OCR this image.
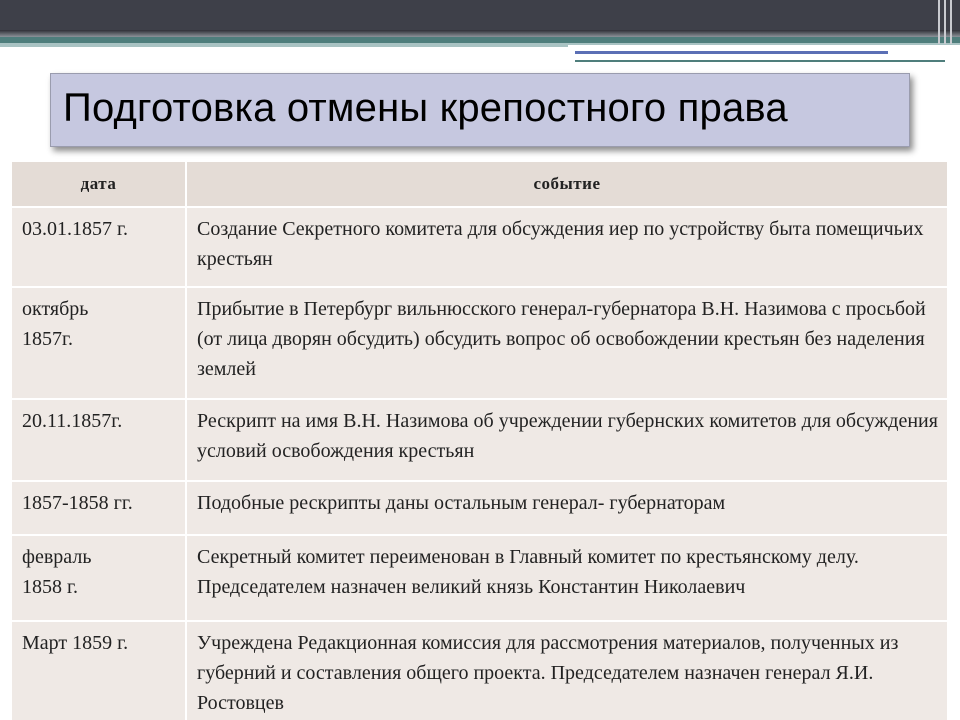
Подготовка отмены крепостного права
дата	событие
03.01.1857 г.	Создание Секретного комитета для обсуждения иер по устройству быта помещичьих крестьян
октябрь
1857г.	Прибытие в Петербург вильнюсского генерал-губернатора В.Н. Назимова с просьбой (от лица дворян обсудить) обсудить вопрос об освобождении крестьян без наделения землей
20.11.1857г.	Рескрипт на имя В.Н. Назимова об учреждении губернских комитетов для обсуждения условий освобождения крестьян
1857-1858 гг.	Подобные рескрипты даны остальным генерал- губернаторам
февраль
1858 г.	Секретный комитет переименован в Главный комитет по крестьянскому делу. Председателем назначен великий князь Константин Николаевич
Март 1859 г.	Учреждена Редакционная комиссия для рассмотрения материалов, полученных из губерний и составления общего проекта. Председателем назначен генерал Я.И. Ростовцев
